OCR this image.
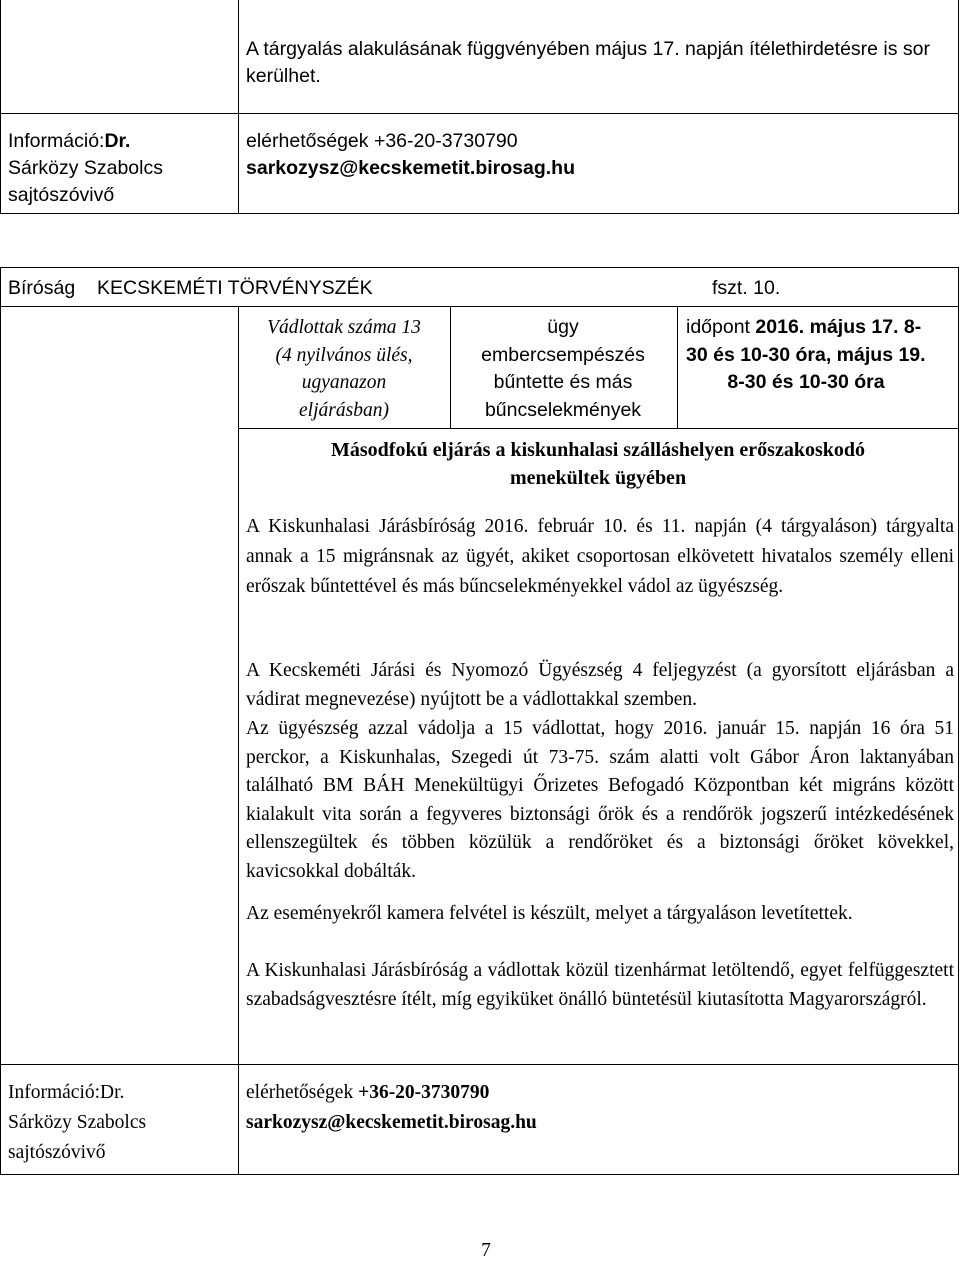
A tárgyalás alakulásának függvényében május 17. napján ítélethirdetésre is sor kerülhet.
Információ:Dr.
Sárközy Szabolcs
sajtószóvivő
elérhetőségek +36-20-3730790
sarkozysz@kecskemetit.birosag.hu
Bíróság KECSKEMÉTI TÖRVÉNYSZÉK	fszt. 10.
Vádlottak száma 13
(4 nyilvános ülés,
ugyanazon
eljárásban)
ügy
embercsempészés
bűntette és más
bűncselekmények
időpont 2016. május 17. 8-
30 és 10-30 óra, május 19.
8-30 és 10-30 óra
Másodfokú eljárás a kiskunhalasi szálláshelyen erőszakoskodó
menekültek ügyében
A Kiskunhalasi Járásbíróság 2016. február 10. és 11. napján (4 tárgyaláson) tárgyalta annak a 15 migránsnak az ügyét, akiket csoportosan elkövetett hivatalos személy elleni erőszak bűntettével és más bűncselekményekkel vádol az ügyészség.
A Kecskeméti Járási és Nyomozó Ügyészség 4 feljegyzést (a gyorsított eljárásban a vádirat megnevezése) nyújtott be a vádlottakkal szemben.
Az ügyészség azzal vádolja a 15 vádlottat, hogy 2016. január 15. napján 16 óra 51 perckor, a Kiskunhalas, Szegedi út 73-75. szám alatti volt Gábor Áron laktanyában található BM BÁH Menekültügyi Őrizetes Befogadó Központban két migráns között kialakult vita során a fegyveres biztonsági őrök és a rendőrök jogszerű intézkedésének ellenszegültek és többen közülük a rendőröket és a biztonsági őröket kövekkel, kavicsokkal dobálták.
Az eseményekről kamera felvétel is készült, melyet a tárgyaláson levetítettek.
A Kiskunhalasi Járásbíróság a vádlottak közül tizenhármat letöltendő, egyet felfüggesztett szabadságvesztésre ítélt, míg egyiküket önálló büntetésül kiutasította Magyarországról.
Információ:Dr.
Sárközy Szabolcs
sajtószóvivő
elérhetőségek +36-20-3730790
sarkozysz@kecskemetit.birosag.hu
7
